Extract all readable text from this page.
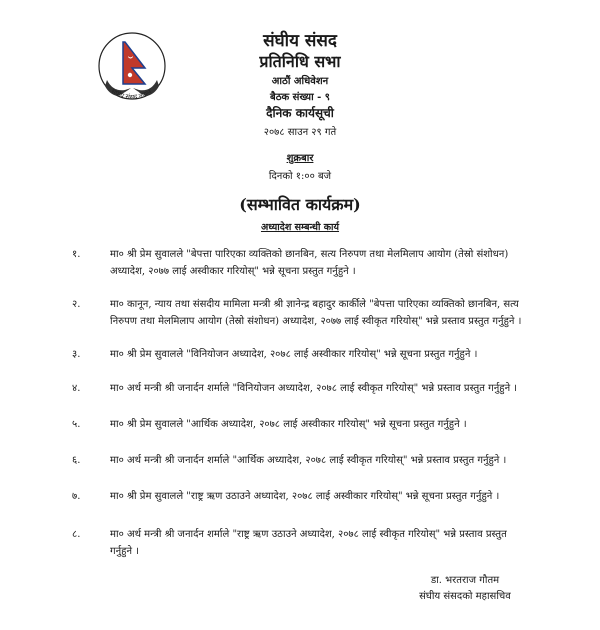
संघीय संसद नेपाल
संघीय संसद
प्रतिनिधि सभा
आठौं अधिवेशन
बैठक संख्या - ९
दैनिक कार्यसूची
२०७८ साउन २९ गते
शुक्रबार
दिनको १:०० बजे
(सम्भावित कार्यक्रम)
अध्यादेश सम्बन्धी कार्य
१.	मा० श्री प्रेम सुवालले "बेपत्ता पारिएका व्यक्तिको छानबिन, सत्य निरुपण तथा मेलमिलाप आयोग (तेस्रो संशोधन) अध्यादेश, २०७७ लाई अस्वीकार गरियोस्" भन्ने सूचना प्रस्तुत गर्नुहुने ।
२.	मा० कानून, न्याय तथा संसदीय मामिला मन्त्री श्री ज्ञानेन्द्र बहादुर कार्कीले "बेपत्ता पारिएका व्यक्तिको छानबिन, सत्य निरुपण तथा मेलमिलाप आयोग (तेस्रो संशोधन) अध्यादेश, २०७७ लाई स्वीकृत गरियोस्" भन्ने प्रस्ताव प्रस्तुत गर्नुहुने ।
३.	मा० श्री प्रेम सुवालले "विनियोजन अध्यादेश, २०७८ लाई अस्वीकार गरियोस्" भन्ने सूचना प्रस्तुत गर्नुहुने ।
४.	मा० अर्थ मन्त्री श्री जनार्दन शर्माले "विनियोजन अध्यादेश, २०७८ लाई स्वीकृत गरियोस्" भन्ने प्रस्ताव प्रस्तुत गर्नुहुने ।
५.	मा० श्री प्रेम सुवालले "आर्थिक अध्यादेश, २०७८ लाई अस्वीकार गरियोस्" भन्ने सूचना प्रस्तुत गर्नुहुने ।
६.	मा० अर्थ मन्त्री श्री जनार्दन शर्माले "आर्थिक अध्यादेश, २०७८ लाई स्वीकृत गरियोस्" भन्ने प्रस्ताव प्रस्तुत गर्नुहुने ।
७.	मा० श्री प्रेम सुवालले "राष्ट्र ऋण उठाउने अध्यादेश, २०७८ लाई अस्वीकार गरियोस्" भन्ने सूचना प्रस्तुत गर्नुहुने ।
८.	मा० अर्थ मन्त्री श्री जनार्दन शर्माले "राष्ट्र ऋण उठाउने अध्यादेश, २०७८ लाई स्वीकृत गरियोस्" भन्ने प्रस्ताव प्रस्तुत गर्नुहुने ।
डा. भरतराज गौतम
संघीय संसदको महासचिव
